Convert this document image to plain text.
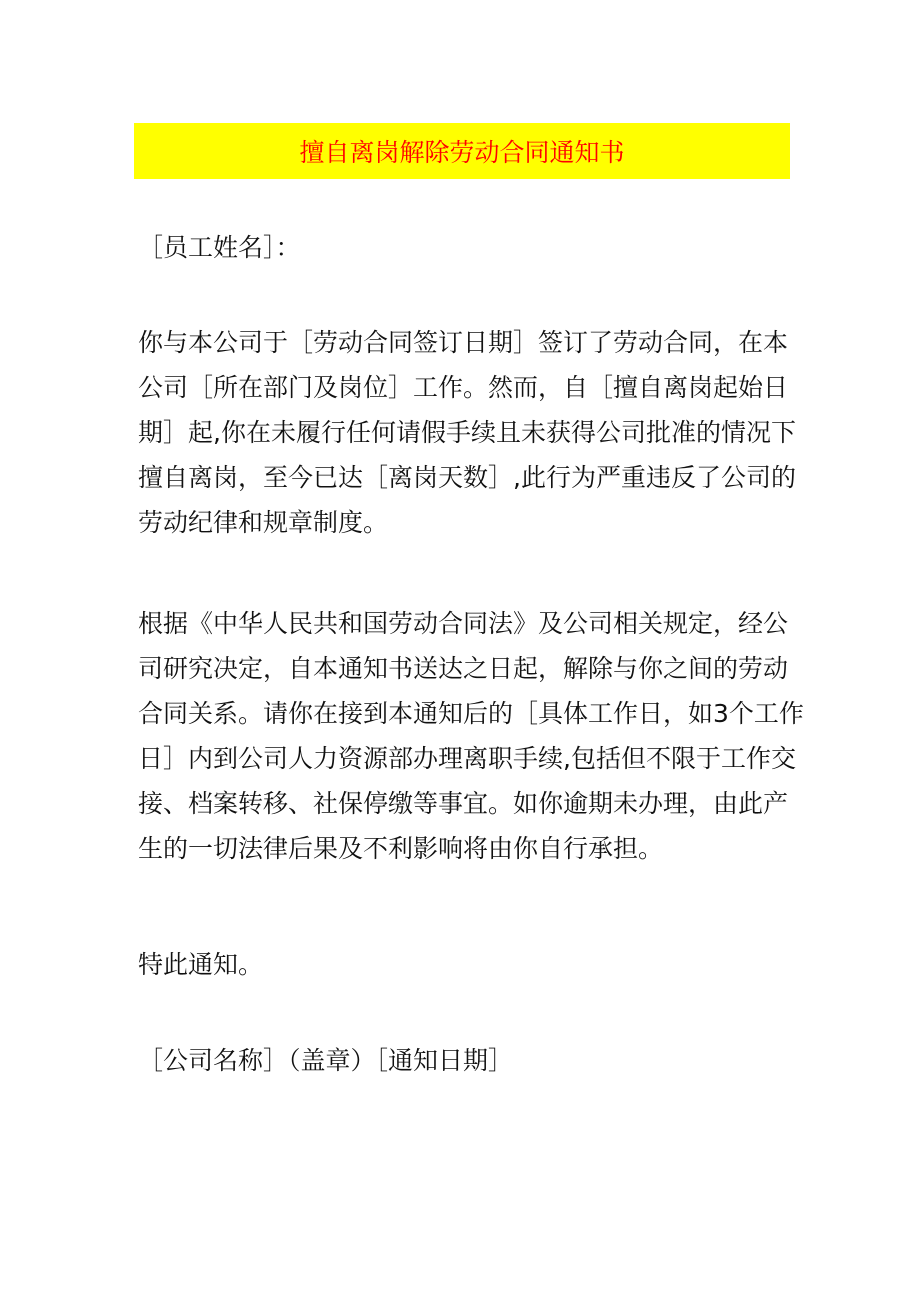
擅自离岗解除劳动合同通知书
［员工姓名］：
你与本公司于［劳动合同签订日期］签订了劳动合同，在本
公司［所在部门及岗位］工作。然而，自［擅自离岗起始日
期］起,你在未履行任何请假手续且未获得公司批准的情况下
擅自离岗，至今已达［离岗天数］,此行为严重违反了公司的
劳动纪律和规章制度。
根据《中华人民共和国劳动合同法》及公司相关规定，经公
司研究决定，自本通知书送达之日起，解除与你之间的劳动
合同关系。请你在接到本通知后的［具体工作日，如3个工作
日］内到公司人力资源部办理离职手续,包括但不限于工作交
接、档案转移、社保停缴等事宜。如你逾期未办理，由此产
生的一切法律后果及不利影响将由你自行承担。
特此通知。
［公司名称］（盖章）［通知日期］
